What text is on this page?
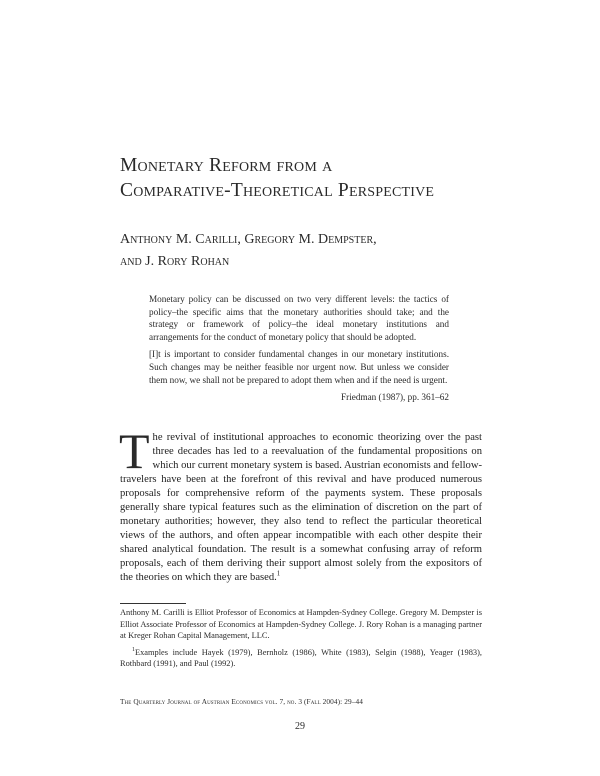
Monetary Reform from a
Comparative-Theoretical Perspective
Anthony M. Carilli, Gregory M. Dempster,
and J. Rory Rohan

Monetary policy can be discussed on two very different levels: the tactics of policy–the specific aims that the monetary authorities should take; and the strategy or framework of policy–the ideal monetary institutions and arrangements for the conduct of monetary policy that should be adopted.

[I]t is important to consider fundamental changes in our monetary institutions. Such changes may be neither feasible nor urgent now. But unless we consider them now, we shall not be prepared to adopt them when and if the need is urgent.

Friedman (1987), pp. 361–62

The revival of institutional approaches to economic theorizing over the past three decades has led to a reevaluation of the fundamental propositions on which our current monetary system is based. Austrian economists and fellow-travelers have been at the forefront of this revival and have produced numerous proposals for comprehensive reform of the payments system. These proposals generally share typical features such as the elimination of discretion on the part of monetary authorities; however, they also tend to reflect the particular theoretical views of the authors, and often appear incompatible with each other despite their shared analytical foundation. The result is a somewhat confusing array of reform proposals, each of them deriving their support almost solely from the expositors of the theories on which they are based.$^1$

Anthony M. Carilli is Elliot Professor of Economics at Hampden-Sydney College. Gregory M. Dempster is Elliot Associate Professor of Economics at Hampden-Sydney College. J. Rory Rohan is a managing partner at Kreger Rohan Capital Management, LLC.

$^1$Examples include Hayek (1979), Bernholz (1986), White (1983), Selgin (1988), Yeager (1983), Rothbard (1991), and Paul (1992).

The Quarterly Journal of Austrian Economics vol. 7, no. 3 (Fall 2004): 29–44
29
